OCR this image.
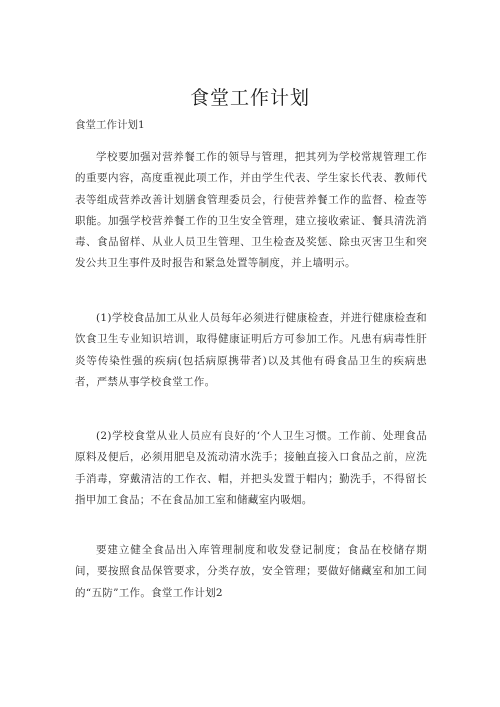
食堂工作计划
食堂工作计划1

学校要加强对营养餐工作的领导与管理，把其列为学校常规管理工作的重要内容，高度重视此项工作，并由学生代表、学生家长代表、教师代表等组成营养改善计划膳食管理委员会，行使营养餐工作的监督、检查等职能。加强学校营养餐工作的卫生安全管理，建立接收索证、餐具清洗消毒、食品留样、从业人员卫生管理、卫生检查及奖惩、除虫灭害卫生和突发公共卫生事件及时报告和紧急处置等制度，并上墙明示。

(1)学校食品加工从业人员每年必须进行健康检查，并进行健康检查和饮食卫生专业知识培训，取得健康证明后方可参加工作。凡患有病毒性肝炎等传染性强的疾病(包括病原携带者)以及其他有碍食品卫生的疾病患者，严禁从事学校食堂工作。

(2)学校食堂从业人员应有良好的‘个人卫生习惯。工作前、处理食品原料及便后，必须用肥皂及流动清水洗手；接触直接入口食品之前，应洗手消毒，穿戴清洁的工作衣、帽，并把头发置于帽内；勤洗手，不得留长指甲加工食品；不在食品加工室和储藏室内吸烟。

要建立健全食品出入库管理制度和收发登记制度；食品在校储存期间，要按照食品保管要求，分类存放，安全管理；要做好储藏室和加工间的“五防”工作。食堂工作计划2
